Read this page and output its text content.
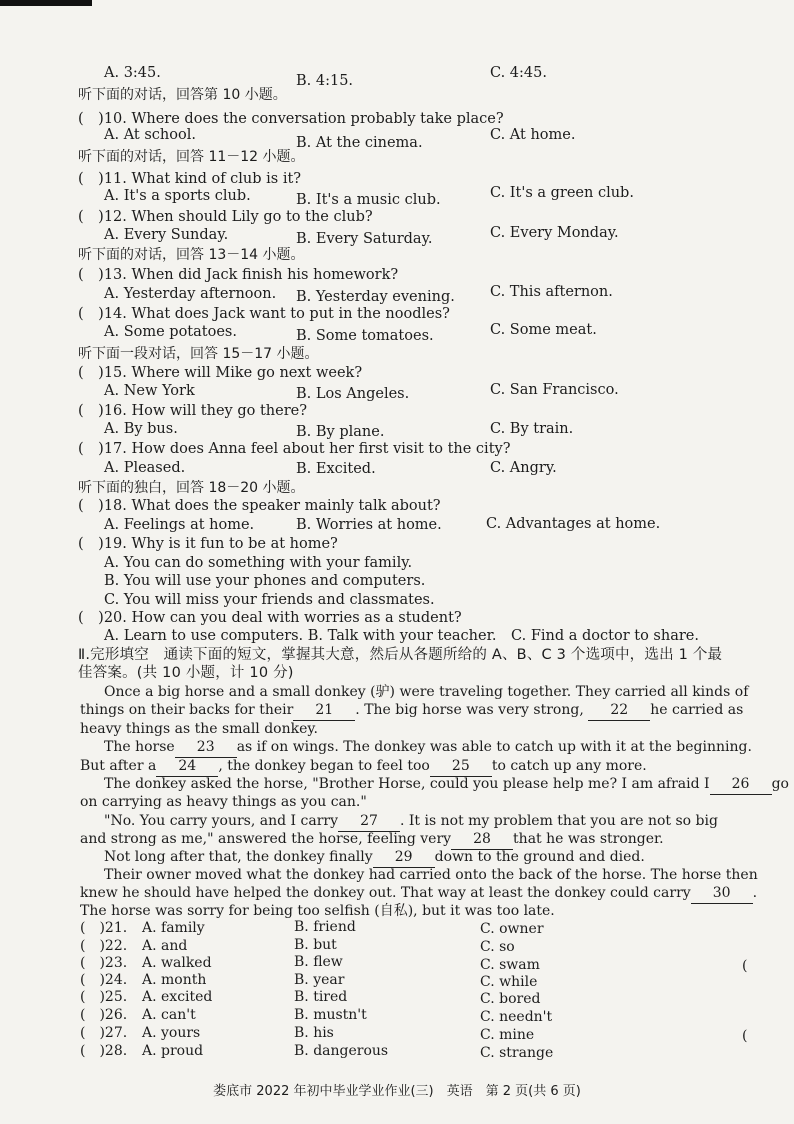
A. 3:45.	B. 4:15.	C. 4:45.
听下面的对话，回答第 10 小题。
(　)10. Where does the conversation probably take place?
A. At school.	B. At the cinema.	C. At home.
听下面的对话，回答 11－12 小题。
(　)11. What kind of club is it?
A. It's a sports club.	B. It's a music club.	C. It's a green club.
(　)12. When should Lily go to the club?
A. Every Sunday.	B. Every Saturday.	C. Every Monday.
听下面的对话，回答 13－14 小题。
(　)13. When did Jack finish his homework?
A. Yesterday afternoon. B. Yesterday evening. C. This afternon.
(　)14. What does Jack want to put in the noodles?
A. Some potatoes.	B. Some tomatoes.	C. Some meat.
听下面一段对话，回答 15－17 小题。
(　)15. Where will Mike go next week?
A. New York	B. Los Angeles.	C. San Francisco.
(　)16. How will they go there?
A. By bus.	B. By plane.	C. By train.
(　)17. How does Anna feel about her first visit to the city?
A. Pleased.	B. Excited.	C. Angry.
听下面的独白，回答 18－20 小题。
(　)18. What does the speaker mainly talk about?
A. Feelings at home.	B. Worries at home.	C. Advantages at home.
(　)19. Why is it fun to be at home?
A. You can do something with your family.
B. You will use your phones and computers.
C. You will miss your friends and classmates.
(　)20. How can you deal with worries as a student?
A. Learn to use computers. B. Talk with your teacher.　C. Find a doctor to share.
Ⅱ.完形填空　通读下面的短文，掌握其大意，然后从各题所给的 A、B、C 3 个选项中，选出 1 个最
佳答案。(共 10 小题，计 10 分)
Once a big horse and a small donkey (驴) were traveling together. They carried all kinds of
things on their backs for their 21 . The big horse was very strong, 22 he carried as
heavy things as the small donkey.
The horse 23 as if on wings. The donkey was able to catch up with it at the beginning.
But after a 24 , the donkey began to feel too 25 to catch up any more.
The donkey asked the horse, "Brother Horse, could you please help me? I am afraid I 26 go
on carrying as heavy things as you can."
"No. You carry yours, and I carry 27 . It is not my problem that you are not so big
and strong as me," answered the horse, feeling very 28 that he was stronger.
Not long after that, the donkey finally 29 down to the ground and died.
Their owner moved what the donkey had carried onto the back of the horse. The horse then
knew he should have helped the donkey out. That way at least the donkey could carry 30 .
The horse was sorry for being too selfish (自私), but it was too late.
(　)21. A. family	B. friend	C. owner
(　)22. A. and	B. but	C. so
(　)23. A. walked	B. flew	C. swam
(　)24. A. month	B. year	C. while
(　)25. A. excited	B. tired	C. bored
(　)26. A. can't	B. mustn't	C. needn't
(　)27. A. yours	B. his	C. mine
(　)28. A. proud	B. dangerous	C. strange
(
(
娄底市 2022 年初中毕业学业作业(三)　英语　第 2 页(共 6 页)
